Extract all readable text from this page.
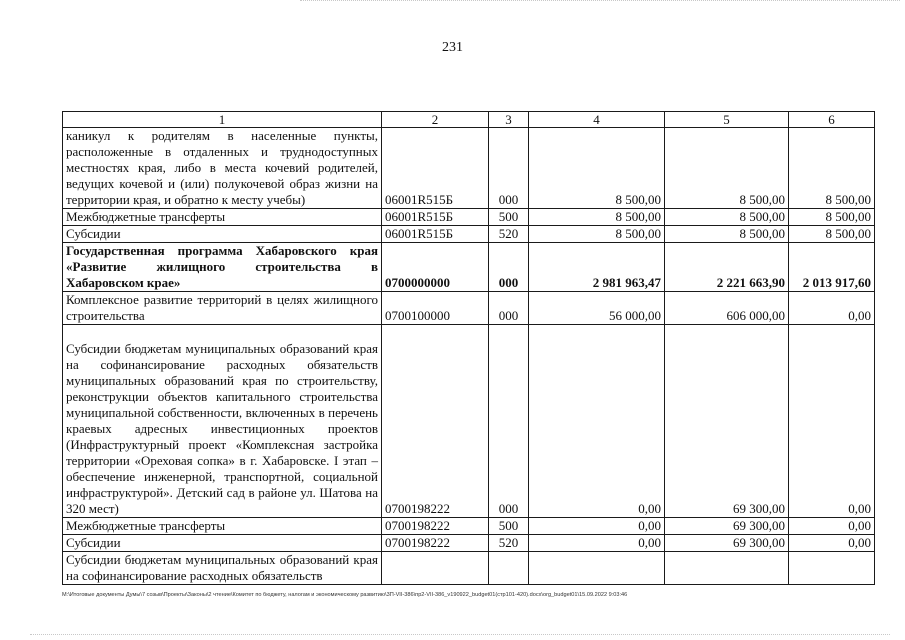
231
1	2	3	4	5	6
каникул к родителям в населенные пункты, расположенные в отдаленных и труднодоступных местностях края, либо в места кочевий родителей, ведущих кочевой и (или) полукочевой образ жизни на территории края, и обратно к месту учебы)	06001R515Б	000	8 500,00	8 500,00	8 500,00
Межбюджетные трансферты	06001R515Б	500	8 500,00	8 500,00	8 500,00
Субсидии	06001R515Б	520	8 500,00	8 500,00	8 500,00
Государственная программа Хабаровского края «Развитие жилищного строительства в Хабаровском крае»	0700000000	000	2 981 963,47	2 221 663,90	2 013 917,60
Комплексное развитие территорий в целях жилищного строительства	0700100000	000	56 000,00	606 000,00	0,00
Субсидии бюджетам муниципальных образований края на софинансирование расходных обязательств муниципальных образований края по строительству, реконструкции объектов капитального строительства муниципальной собственности, включенных в перечень краевых адресных инвестиционных проектов (Инфраструктурный проект «Комплексная застройка территории «Ореховая сопка» в г. Хабаровске. I этап – обеспечение инженерной, транспортной, социальной инфраструктурой». Детский сад в районе ул. Шатова на 320 мест)	0700198222	000	0,00	69 300,00	0,00
Межбюджетные трансферты	0700198222	500	0,00	69 300,00	0,00
Субсидии	0700198222	520	0,00	69 300,00	0,00
Субсидии бюджетам муниципальных образований края на софинансирование расходных обязательств					
M:\Итоговые документы Думы\7 созыв\Проекты\Законы\2 чтение\Комитет по бюджету, налогам и экономическому развитию\3П-VII-386\пр2-VII-386_v190922_budget01(стр101-420).docx\org_budget01\15.09.2022 9:03:46
